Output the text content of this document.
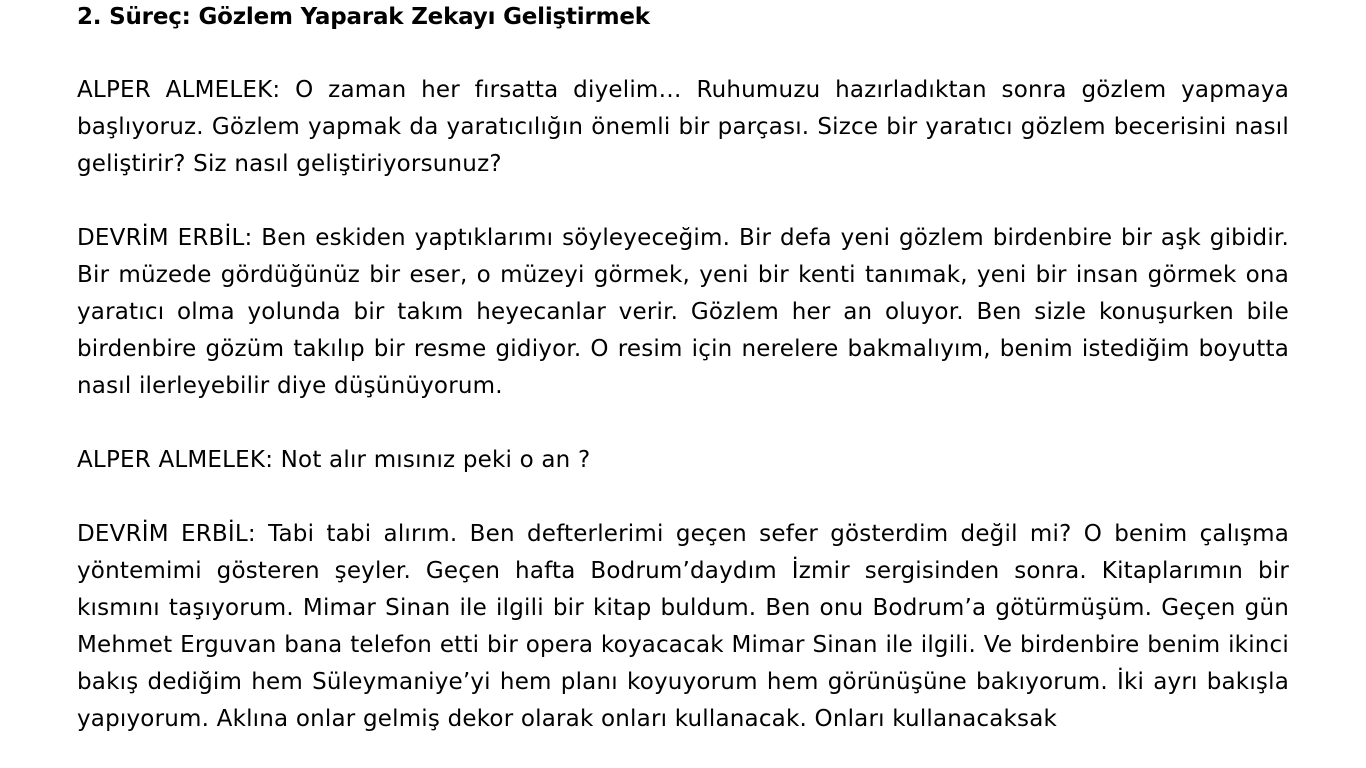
2. Süreç: Gözlem Yaparak Zekayı Geliştirmek

ALPER ALMELEK: O zaman her fırsatta diyelim… Ruhumuzu hazırladıktan sonra gözlem yapmaya başlıyoruz. Gözlem yapmak da yaratıcılığın önemli bir parçası. Sizce bir yaratıcı gözlem becerisini nasıl geliştirir? Siz nasıl geliştiriyorsunuz?

DEVRİM ERBİL: Ben eskiden yaptıklarımı söyleyeceğim. Bir defa yeni gözlem birdenbire bir aşk gibidir. Bir müzede gördüğünüz bir eser, o müzeyi görmek, yeni bir kenti tanımak, yeni bir insan görmek ona yaratıcı olma yolunda bir takım heyecanlar verir. Gözlem her an oluyor. Ben sizle konuşurken bile birdenbire gözüm takılıp bir resme gidiyor. O resim için nerelere bakmalıyım, benim istediğim boyutta nasıl ilerleyebilir diye düşünüyorum.

ALPER ALMELEK: Not alır mısınız peki o an ?

DEVRİM ERBİL: Tabi tabi alırım. Ben defterlerimi geçen sefer gösterdim değil mi? O benim çalışma yöntemimi gösteren şeyler. Geçen hafta Bodrum’daydım İzmir sergisinden sonra. Kitaplarımın bir kısmını taşıyorum. Mimar Sinan ile ilgili bir kitap buldum. Ben onu Bodrum’a götürmüşüm. Geçen gün Mehmet Erguvan bana telefon etti bir opera koyacacak Mimar Sinan ile ilgili. Ve birdenbire benim ikinci bakış dediğim hem Süleymaniye’yi hem planı koyuyorum hem görünüşüne bakıyorum. İki ayrı bakışla yapıyorum. Aklına onlar gelmiş dekor olarak onları kullanacak. Onları kullanacaksak
